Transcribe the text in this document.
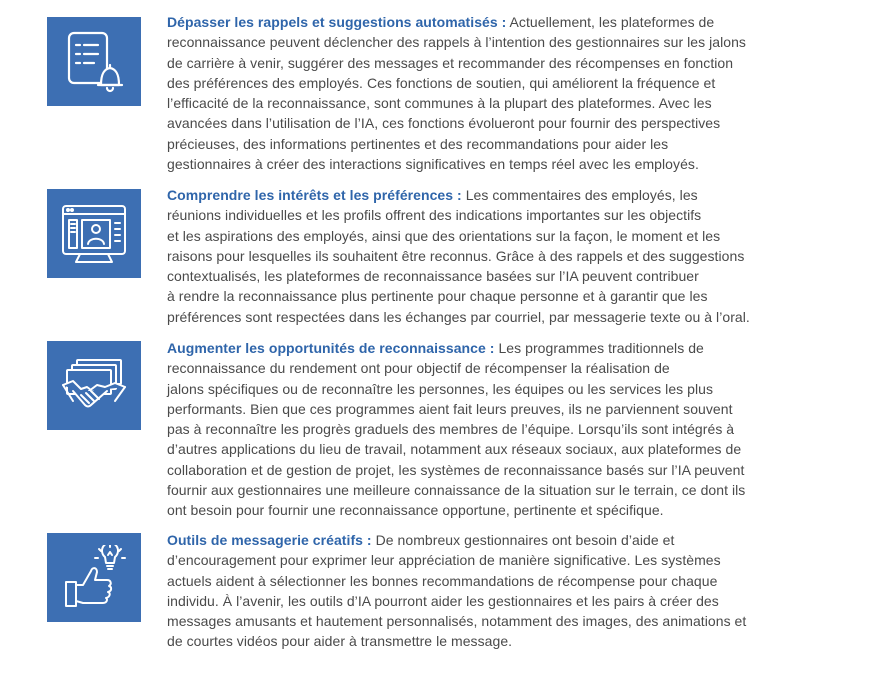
Dépasser les rappels et suggestions automatisés : Actuellement, les plateformes de
reconnaissance peuvent déclencher des rappels à l’intention des gestionnaires sur les jalons
de carrière à venir, suggérer des messages et recommander des récompenses en fonction
des préférences des employés. Ces fonctions de soutien, qui améliorent la fréquence et
l’efficacité de la reconnaissance, sont communes à la plupart des plateformes. Avec les
avancées dans l’utilisation de l’IA, ces fonctions évolueront pour fournir des perspectives
précieuses, des informations pertinentes et des recommandations pour aider les
gestionnaires à créer des interactions significatives en temps réel avec les employés.
Comprendre les intérêts et les préférences : Les commentaires des employés, les
réunions individuelles et les profils offrent des indications importantes sur les objectifs
et les aspirations des employés, ainsi que des orientations sur la façon, le moment et les
raisons pour lesquelles ils souhaitent être reconnus. Grâce à des rappels et des suggestions
contextualisés, les plateformes de reconnaissance basées sur l’IA peuvent contribuer
à rendre la reconnaissance plus pertinente pour chaque personne et à garantir que les
préférences sont respectées dans les échanges par courriel, par messagerie texte ou à l’oral.
Augmenter les opportunités de reconnaissance : Les programmes traditionnels de
reconnaissance du rendement ont pour objectif de récompenser la réalisation de
jalons spécifiques ou de reconnaître les personnes, les équipes ou les services les plus
performants. Bien que ces programmes aient fait leurs preuves, ils ne parviennent souvent
pas à reconnaître les progrès graduels des membres de l’équipe. Lorsqu’ils sont intégrés à
d’autres applications du lieu de travail, notamment aux réseaux sociaux, aux plateformes de
collaboration et de gestion de projet, les systèmes de reconnaissance basés sur l’IA peuvent
fournir aux gestionnaires une meilleure connaissance de la situation sur le terrain, ce dont ils
ont besoin pour fournir une reconnaissance opportune, pertinente et spécifique.
Outils de messagerie créatifs : De nombreux gestionnaires ont besoin d’aide et
d’encouragement pour exprimer leur appréciation de manière significative. Les systèmes
actuels aident à sélectionner les bonnes recommandations de récompense pour chaque
individu. À l’avenir, les outils d’IA pourront aider les gestionnaires et les pairs à créer des
messages amusants et hautement personnalisés, notamment des images, des animations et
de courtes vidéos pour aider à transmettre le message.
